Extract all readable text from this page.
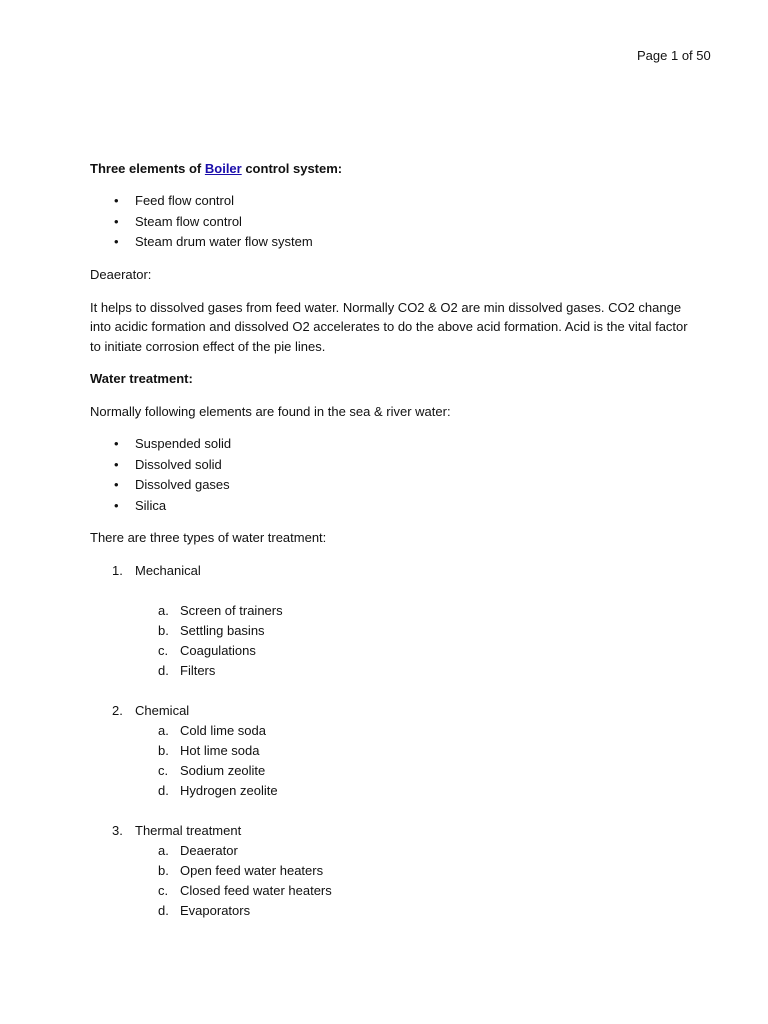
Page 1 of 50

Three elements of Boiler control system:

• Feed flow control
• Steam flow control
• Steam drum water flow system

Deaerator:

It helps to dissolved gases from feed water. Normally CO2 & O2 are min dissolved gases. CO2 change into acidic formation and dissolved O2 accelerates to do the above acid formation. Acid is the vital factor to initiate corrosion effect of the pie lines.

Water treatment:

Normally following elements are found in the sea & river water:

• Suspended solid
• Dissolved solid
• Dissolved gases
• Silica

There are three types of water treatment:

1. Mechanical
a. Screen of trainers
b. Settling basins
c. Coagulations
d. Filters
2. Chemical
a. Cold lime soda
b. Hot lime soda
c. Sodium zeolite
d. Hydrogen zeolite
3. Thermal treatment
a. Deaerator
b. Open feed water heaters
c. Closed feed water heaters
d. Evaporators
